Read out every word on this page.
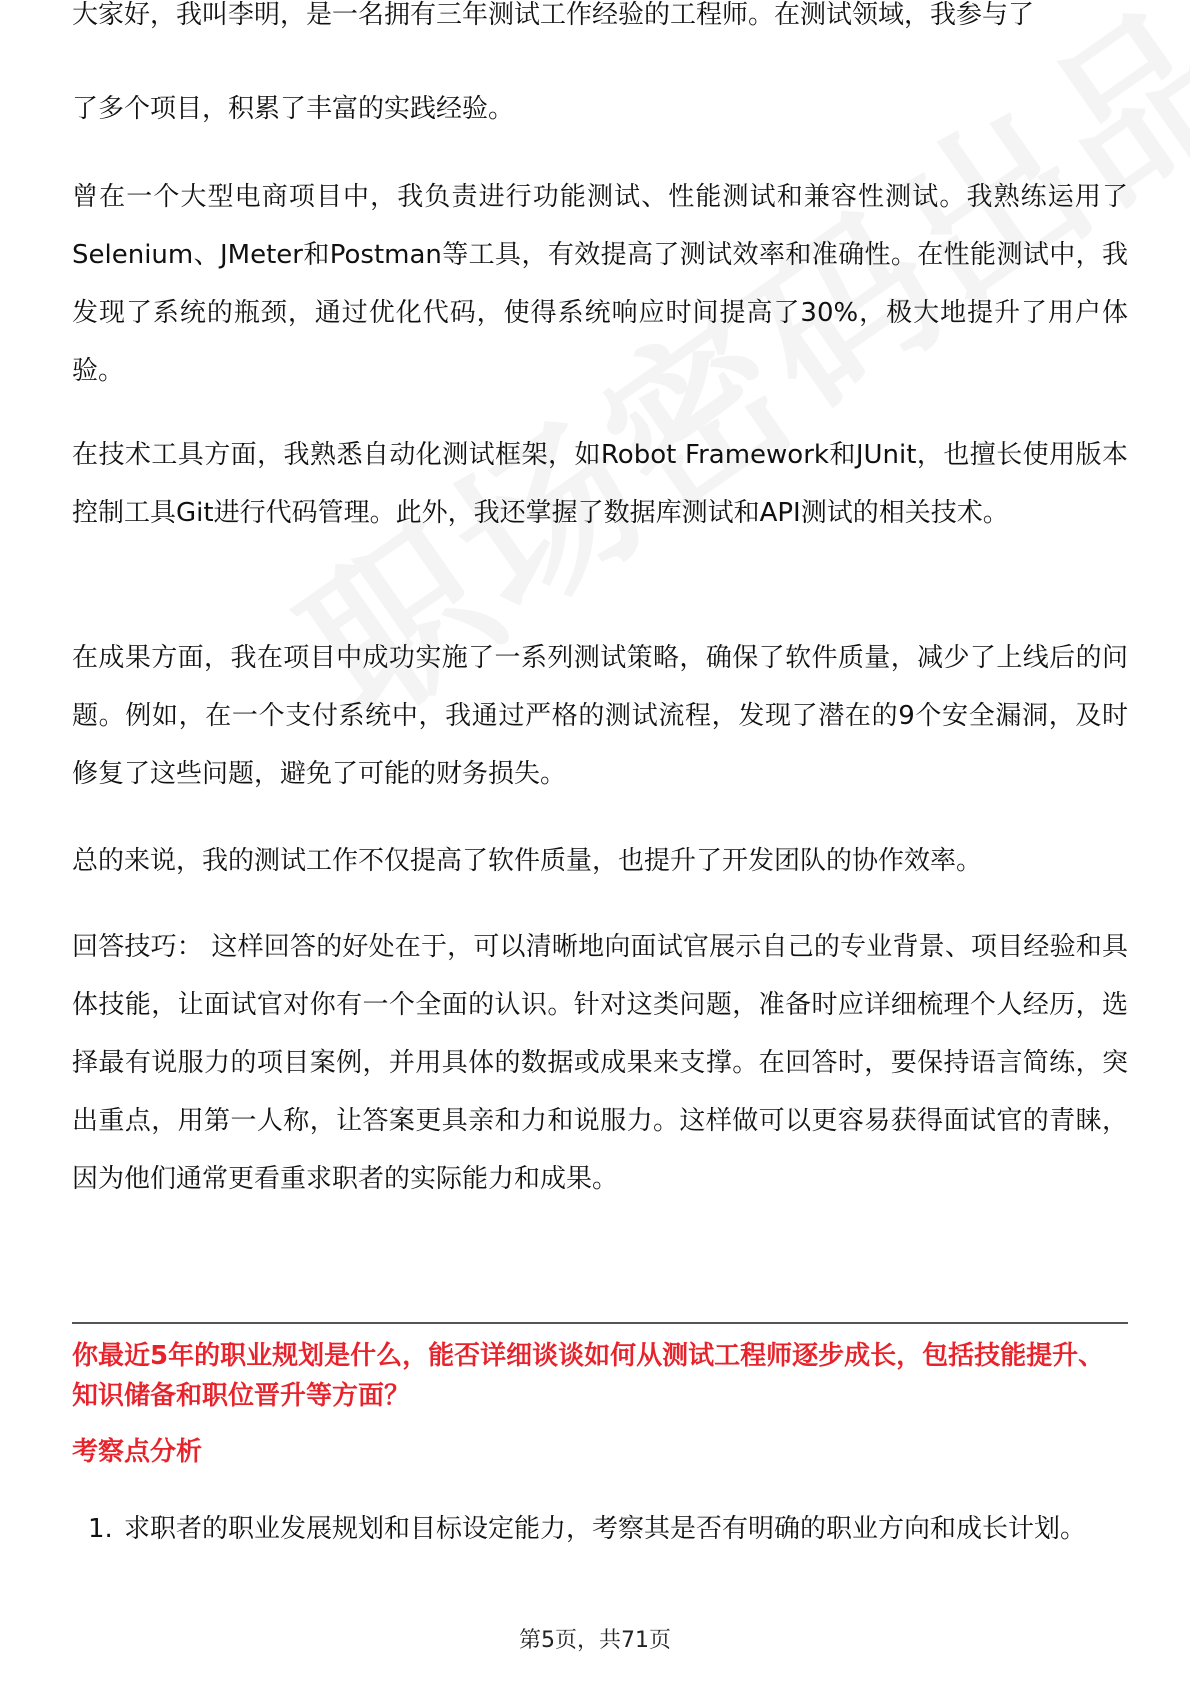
大家好，我叫李明，是一名拥有三年测试工作经验的工程师。在测试领域，我参与了

了多个项目，积累了丰富的实践经验。

曾在一个大型电商项目中，我负责进行功能测试、性能测试和兼容性测试。我熟练运用了Selenium、JMeter和Postman等工具，有效提高了测试效率和准确性。在性能测试中，我发现了系统的瓶颈，通过优化代码，使得系统响应时间提高了30%，极大地提升了用户体验。

在技术工具方面，我熟悉自动化测试框架，如Robot Framework和JUnit，也擅长使用版本控制工具Git进行代码管理。此外，我还掌握了数据库测试和API测试的相关技术。

在成果方面，我在项目中成功实施了一系列测试策略，确保了软件质量，减少了上线后的问题。例如，在一个支付系统中，我通过严格的测试流程，发现了潜在的9个安全漏洞，及时修复了这些问题，避免了可能的财务损失。

总的来说，我的测试工作不仅提高了软件质量，也提升了开发团队的协作效率。

回答技巧： 这样回答的好处在于，可以清晰地向面试官展示自己的专业背景、项目经验和具体技能，让面试官对你有一个全面的认识。针对这类问题，准备时应详细梳理个人经历，选择最有说服力的项目案例，并用具体的数据或成果来支撑。在回答时，要保持语言简练，突出重点，用第一人称，让答案更具亲和力和说服力。这样做可以更容易获得面试官的青睐，因为他们通常更看重求职者的实际能力和成果。

你最近5年的职业规划是什么，能否详细谈谈如何从测试工程师逐步成长，包括技能提升、知识储备和职位晋升等方面？

考察点分析

1. 求职者的职业发展规划和目标设定能力，考察其是否有明确的职业方向和成长计划。
第5页，共71页
